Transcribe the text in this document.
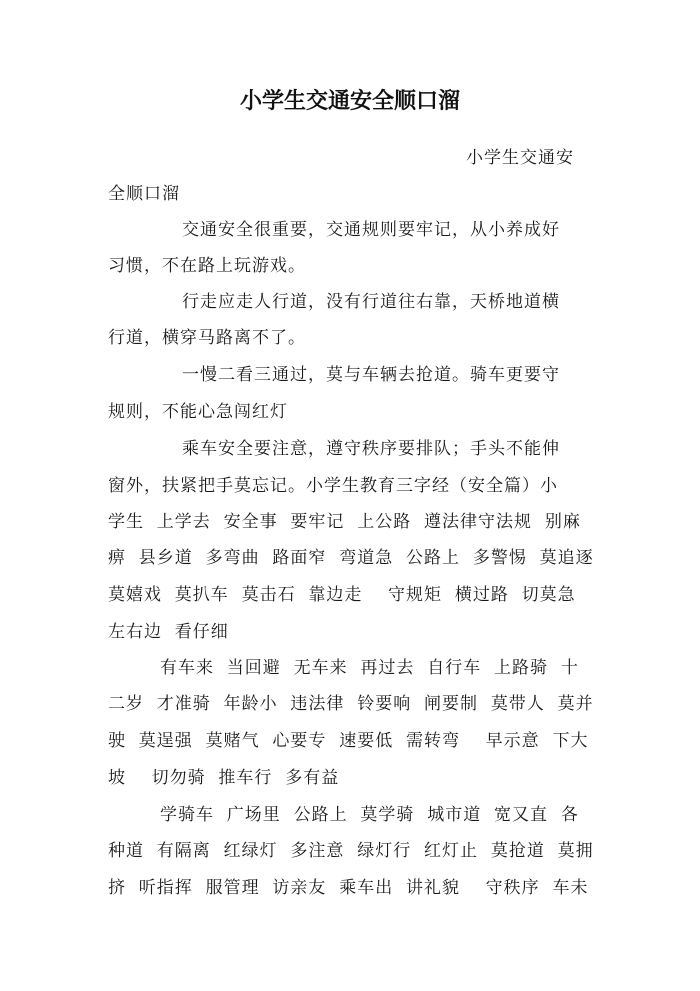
小学生交通安全顺口溜
小学生交通安
全顺口溜
交通安全很重要，交通规则要牢记，从小养成好
习惯，不在路上玩游戏。
行走应走人行道，没有行道往右靠，天桥地道横
行道，横穿马路离不了。
一慢二看三通过，莫与车辆去抢道。骑车更要守
规则，不能心急闯红灯
乘车安全要注意，遵守秩序要排队；手头不能伸
窗外，扶紧把手莫忘记。小学生教育三字经（安全篇）小
学生  上学去  安全事  要牢记  上公路  遵法律守法规  别麻
痹  县乡道  多弯曲  路面窄  弯道急  公路上  多警惕  莫追逐
莫嬉戏  莫扒车  莫击石  靠边走    守规矩  横过路  切莫急
左右边  看仔细
有车来  当回避  无车来  再过去  自行车  上路骑  十
二岁  才准骑  年龄小  违法律  铃要响  闸要制  莫带人  莫并
驶  莫逞强  莫赌气  心要专  速要低  需转弯    早示意  下大
坡    切勿骑  推车行  多有益
学骑车  广场里  公路上  莫学骑  城市道  宽又直  各
种道  有隔离  红绿灯  多注意  绿灯行  红灯止  莫抢道  莫拥
挤  听指挥  服管理  访亲友  乘车出  讲礼貌    守秩序  车未
